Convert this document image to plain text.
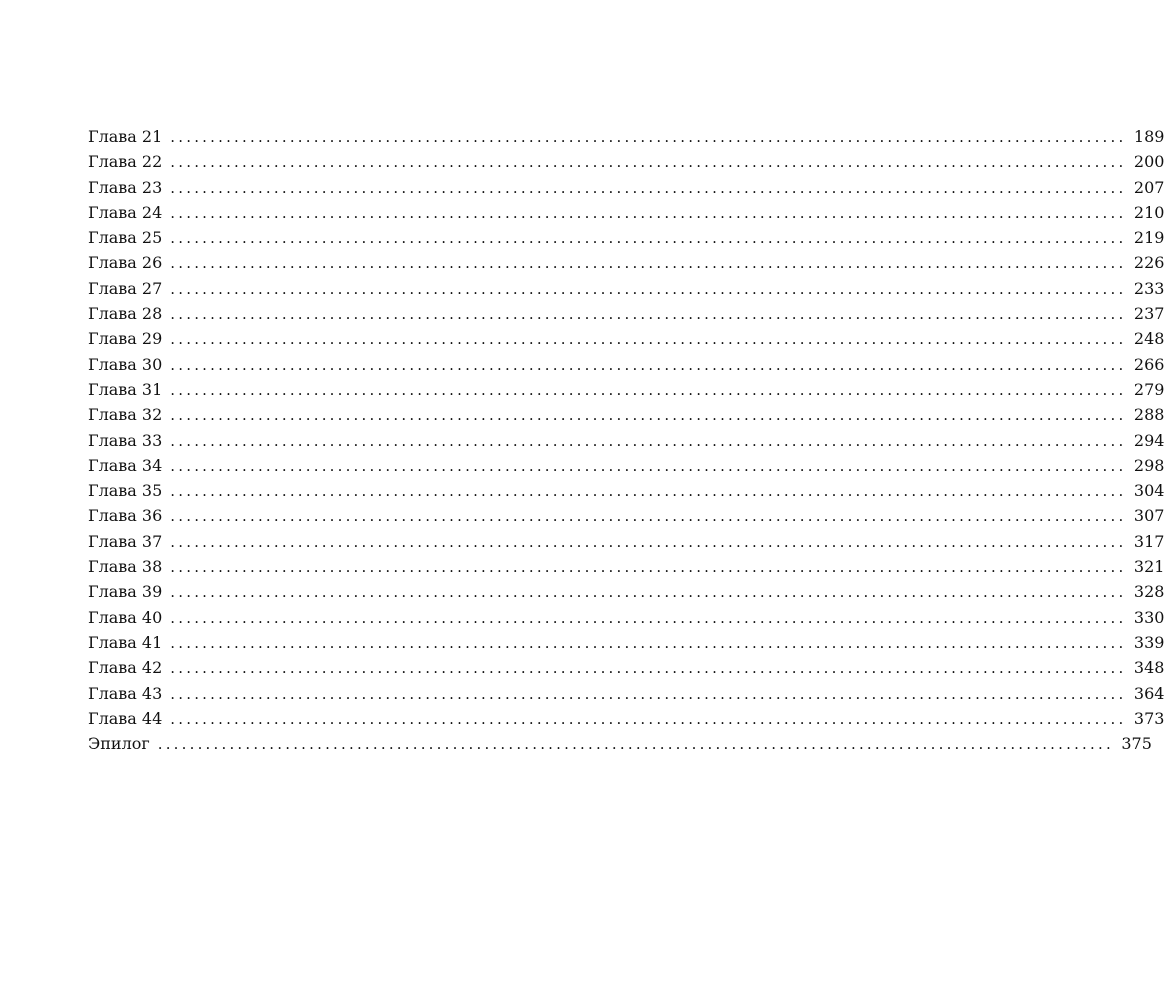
Глава 21 ........................................................................................................................ 189
Глава 22 ........................................................................................................................ 200
Глава 23 ........................................................................................................................ 207
Глава 24 ........................................................................................................................ 210
Глава 25 ........................................................................................................................ 219
Глава 26 ........................................................................................................................ 226
Глава 27 ........................................................................................................................ 233
Глава 28 ........................................................................................................................ 237
Глава 29 ........................................................................................................................ 248
Глава 30 ........................................................................................................................ 266
Глава 31 ........................................................................................................................ 279
Глава 32 ........................................................................................................................ 288
Глава 33 ........................................................................................................................ 294
Глава 34 ........................................................................................................................ 298
Глава 35 ........................................................................................................................ 304
Глава 36 ........................................................................................................................ 307
Глава 37 ........................................................................................................................ 317
Глава 38 ........................................................................................................................ 321
Глава 39 ........................................................................................................................ 328
Глава 40 ........................................................................................................................ 330
Глава 41 ........................................................................................................................ 339
Глава 42 ........................................................................................................................ 348
Глава 43 ........................................................................................................................ 364
Глава 44 ........................................................................................................................ 373
Эпилог ........................................................................................................................ 375
